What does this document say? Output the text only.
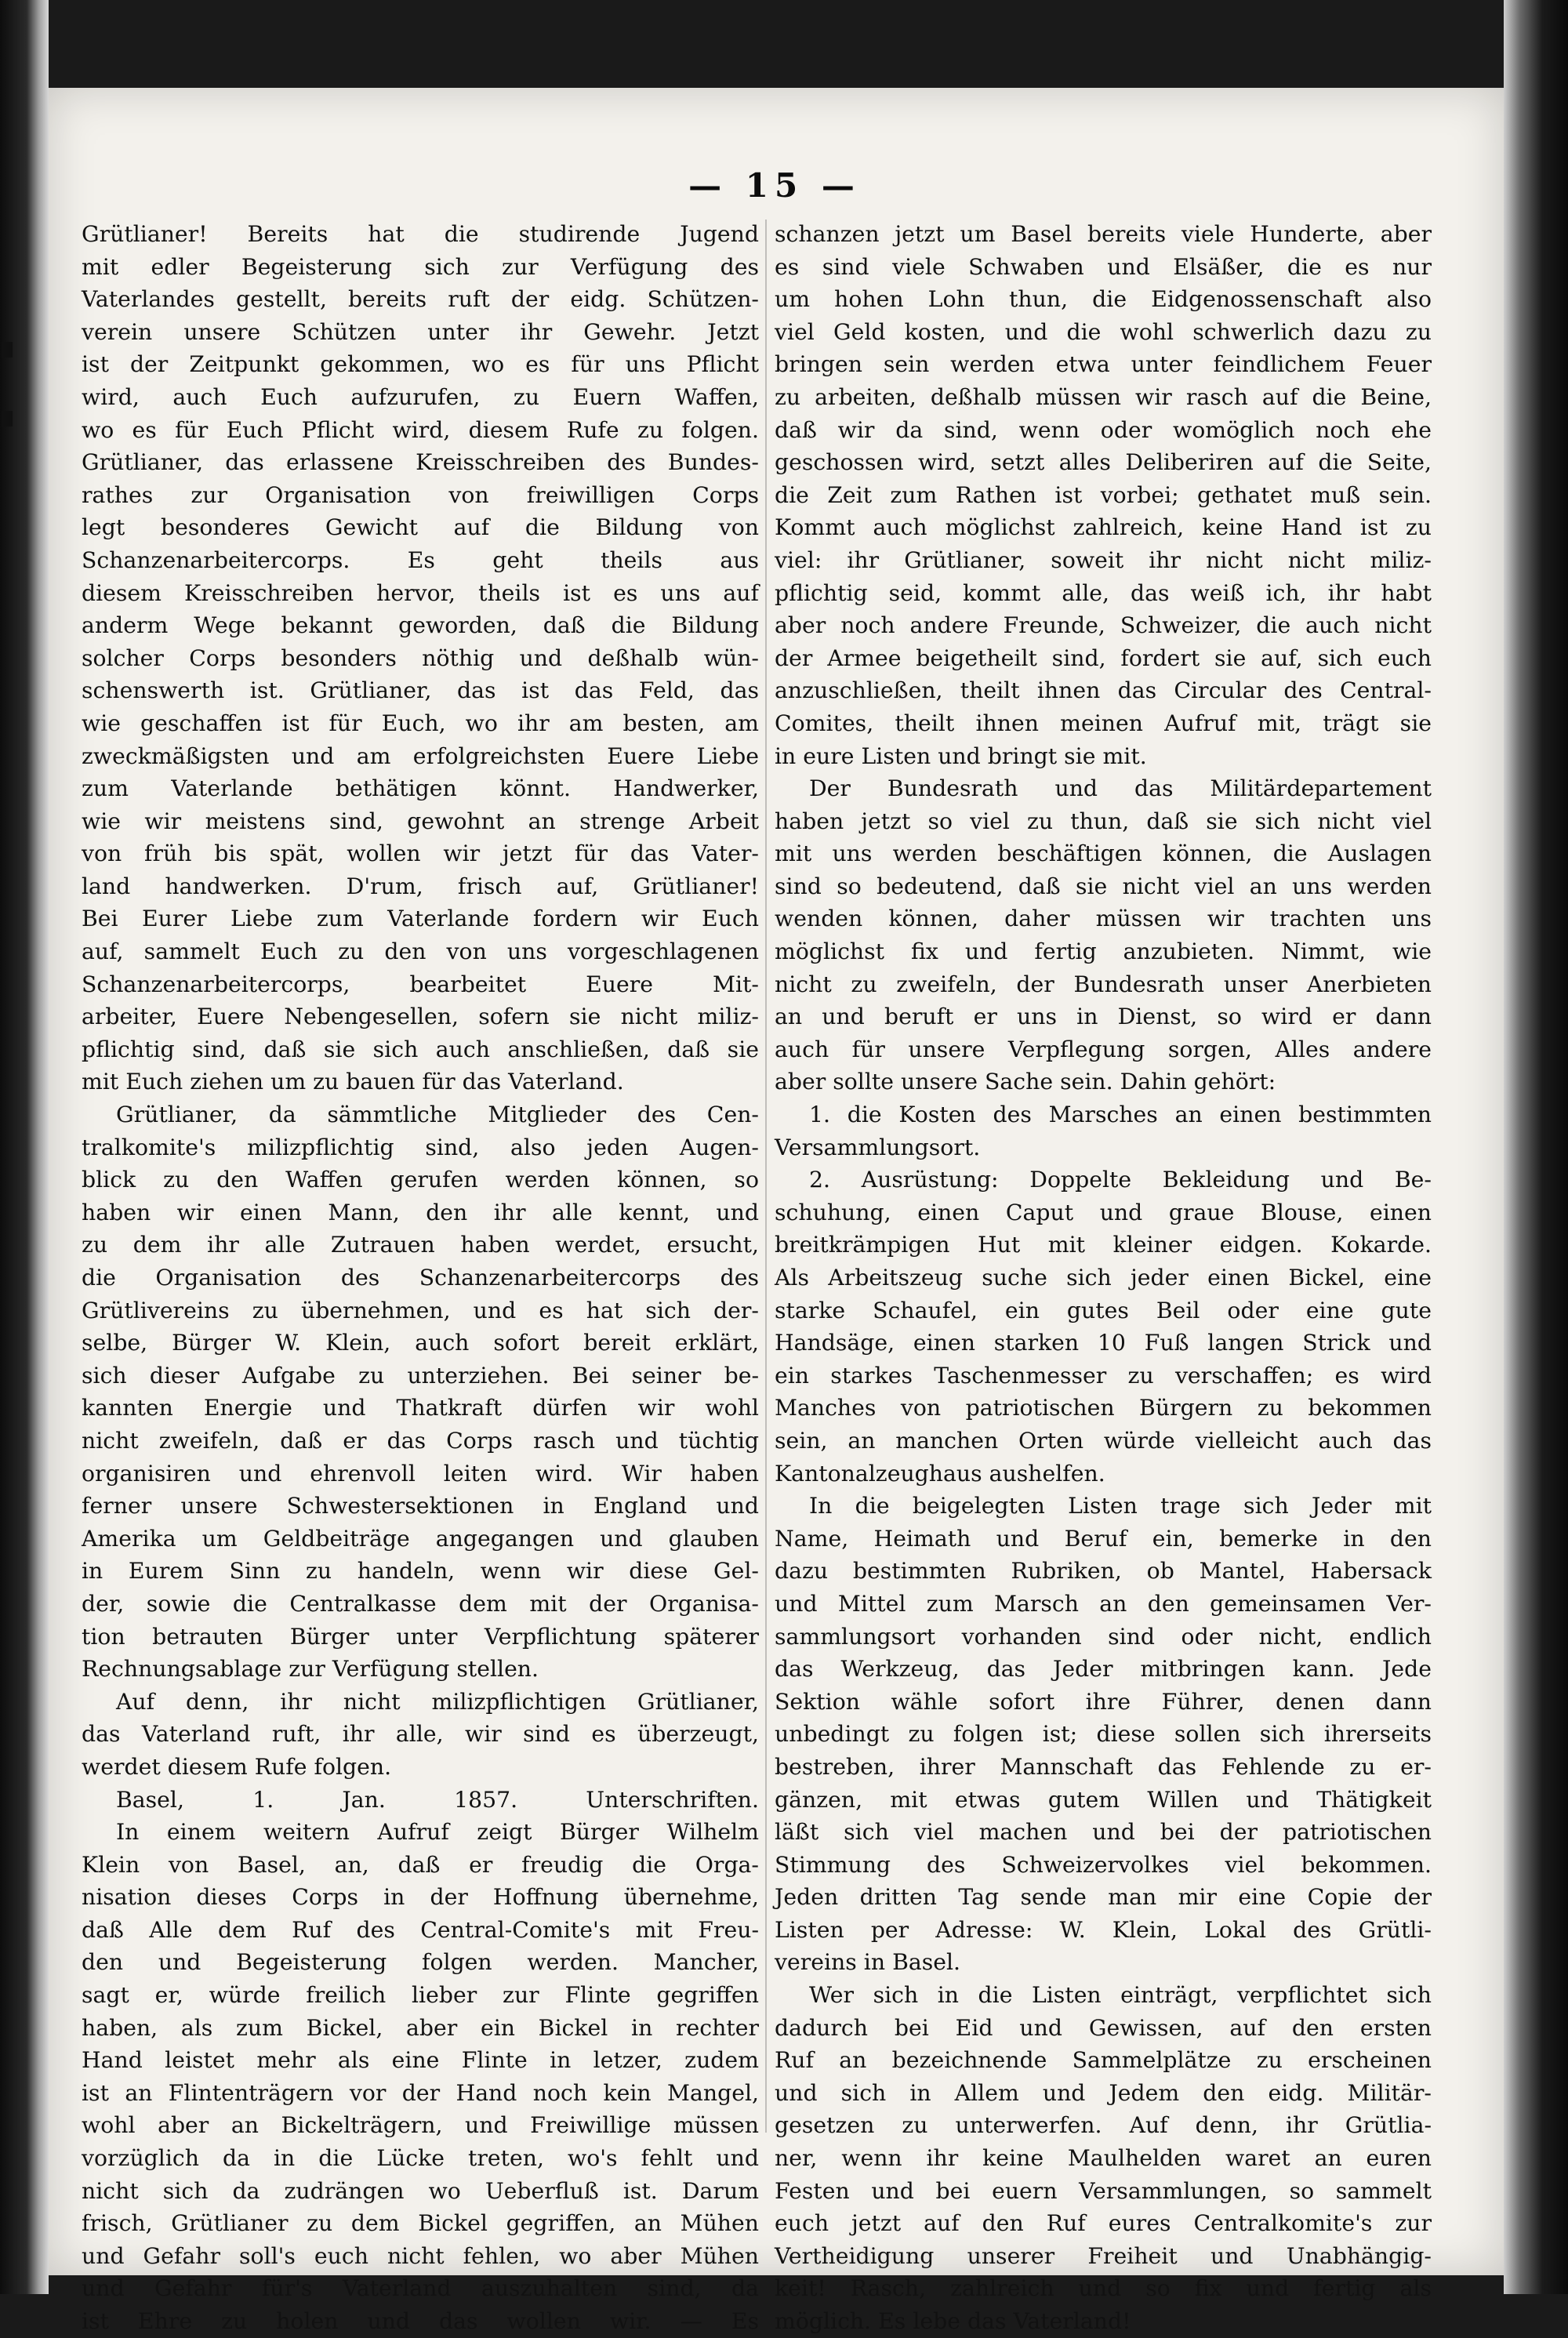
— 15 —
Grütlianer! Bereits hat die studirende Jugend
mit edler Begeisterung sich zur Verfügung des
Vaterlandes gestellt, bereits ruft der eidg. Schützen-
verein unsere Schützen unter ihr Gewehr. Jetzt
ist der Zeitpunkt gekommen, wo es für uns Pflicht
wird, auch Euch aufzurufen, zu Euern Waffen,
wo es für Euch Pflicht wird, diesem Rufe zu folgen.
Grütlianer, das erlassene Kreisschreiben des Bundes-
rathes zur Organisation von freiwilligen Corps
legt besonderes Gewicht auf die Bildung von
Schanzenarbeitercorps. Es geht theils aus
diesem Kreisschreiben hervor, theils ist es uns auf
anderm Wege bekannt geworden, daß die Bildung
solcher Corps besonders nöthig und deßhalb wün-
schenswerth ist. Grütlianer, das ist das Feld, das
wie geschaffen ist für Euch, wo ihr am besten, am
zweckmäßigsten und am erfolgreichsten Euere Liebe
zum Vaterlande bethätigen könnt. Handwerker,
wie wir meistens sind, gewohnt an strenge Arbeit
von früh bis spät, wollen wir jetzt für das Vater-
land handwerken. D'rum, frisch auf, Grütlianer!
Bei Eurer Liebe zum Vaterlande fordern wir Euch
auf, sammelt Euch zu den von uns vorgeschlagenen
Schanzenarbeitercorps, bearbeitet Euere Mit-
arbeiter, Euere Nebengesellen, sofern sie nicht miliz-
pflichtig sind, daß sie sich auch anschließen, daß sie
mit Euch ziehen um zu bauen für das Vaterland.
Grütlianer, da sämmtliche Mitglieder des Cen-
tralkomite's milizpflichtig sind, also jeden Augen-
blick zu den Waffen gerufen werden können, so
haben wir einen Mann, den ihr alle kennt, und
zu dem ihr alle Zutrauen haben werdet, ersucht,
die Organisation des Schanzenarbeitercorps des
Grütlivereins zu übernehmen, und es hat sich der-
selbe, Bürger W. Klein, auch sofort bereit erklärt,
sich dieser Aufgabe zu unterziehen. Bei seiner be-
kannten Energie und Thatkraft dürfen wir wohl
nicht zweifeln, daß er das Corps rasch und tüchtig
organisiren und ehrenvoll leiten wird. Wir haben
ferner unsere Schwestersektionen in England und
Amerika um Geldbeiträge angegangen und glauben
in Eurem Sinn zu handeln, wenn wir diese Gel-
der, sowie die Centralkasse dem mit der Organisa-
tion betrauten Bürger unter Verpflichtung späterer
Rechnungsablage zur Verfügung stellen.
Auf denn, ihr nicht milizpflichtigen Grütlianer,
das Vaterland ruft, ihr alle, wir sind es überzeugt,
werdet diesem Rufe folgen.
Basel, 1. Jan. 1857. Unterschriften.
In einem weitern Aufruf zeigt Bürger Wilhelm
Klein von Basel, an, daß er freudig die Orga-
nisation dieses Corps in der Hoffnung übernehme,
daß Alle dem Ruf des Central-Comite's mit Freu-
den und Begeisterung folgen werden. Mancher,
sagt er, würde freilich lieber zur Flinte gegriffen
haben, als zum Bickel, aber ein Bickel in rechter
Hand leistet mehr als eine Flinte in letzer, zudem
ist an Flintenträgern vor der Hand noch kein Mangel,
wohl aber an Bickelträgern, und Freiwillige müssen
vorzüglich da in die Lücke treten, wo's fehlt und
nicht sich da zudrängen wo Ueberfluß ist. Darum
frisch, Grütlianer zu dem Bickel gegriffen, an Mühen
und Gefahr soll's euch nicht fehlen, wo aber Mühen
und Gefahr für's Vaterland auszuhalten sind, da
ist Ehre zu holen und das wollen wir. — Es
schanzen jetzt um Basel bereits viele Hunderte, aber
es sind viele Schwaben und Elsäßer, die es nur
um hohen Lohn thun, die Eidgenossenschaft also
viel Geld kosten, und die wohl schwerlich dazu zu
bringen sein werden etwa unter feindlichem Feuer
zu arbeiten, deßhalb müssen wir rasch auf die Beine,
daß wir da sind, wenn oder womöglich noch ehe
geschossen wird, setzt alles Deliberiren auf die Seite,
die Zeit zum Rathen ist vorbei; gethatet muß sein.
Kommt auch möglichst zahlreich, keine Hand ist zu
viel: ihr Grütlianer, soweit ihr nicht nicht miliz-
pflichtig seid, kommt alle, das weiß ich, ihr habt
aber noch andere Freunde, Schweizer, die auch nicht
der Armee beigetheilt sind, fordert sie auf, sich euch
anzuschließen, theilt ihnen das Circular des Central-
Comites, theilt ihnen meinen Aufruf mit, trägt sie
in eure Listen und bringt sie mit.
Der Bundesrath und das Militärdepartement
haben jetzt so viel zu thun, daß sie sich nicht viel
mit uns werden beschäftigen können, die Auslagen
sind so bedeutend, daß sie nicht viel an uns werden
wenden können, daher müssen wir trachten uns
möglichst fix und fertig anzubieten. Nimmt, wie
nicht zu zweifeln, der Bundesrath unser Anerbieten
an und beruft er uns in Dienst, so wird er dann
auch für unsere Verpflegung sorgen, Alles andere
aber sollte unsere Sache sein. Dahin gehört:
1. die Kosten des Marsches an einen bestimmten
Versammlungsort.
2. Ausrüstung: Doppelte Bekleidung und Be-
schuhung, einen Caput und graue Blouse, einen
breitkrämpigen Hut mit kleiner eidgen. Kokarde.
Als Arbeitszeug suche sich jeder einen Bickel, eine
starke Schaufel, ein gutes Beil oder eine gute
Handsäge, einen starken 10 Fuß langen Strick und
ein starkes Taschenmesser zu verschaffen; es wird
Manches von patriotischen Bürgern zu bekommen
sein, an manchen Orten würde vielleicht auch das
Kantonalzeughaus aushelfen.
In die beigelegten Listen trage sich Jeder mit
Name, Heimath und Beruf ein, bemerke in den
dazu bestimmten Rubriken, ob Mantel, Habersack
und Mittel zum Marsch an den gemeinsamen Ver-
sammlungsort vorhanden sind oder nicht, endlich
das Werkzeug, das Jeder mitbringen kann. Jede
Sektion wähle sofort ihre Führer, denen dann
unbedingt zu folgen ist; diese sollen sich ihrerseits
bestreben, ihrer Mannschaft das Fehlende zu er-
gänzen, mit etwas gutem Willen und Thätigkeit
läßt sich viel machen und bei der patriotischen
Stimmung des Schweizervolkes viel bekommen.
Jeden dritten Tag sende man mir eine Copie der
Listen per Adresse: W. Klein, Lokal des Grütli-
vereins in Basel.
Wer sich in die Listen einträgt, verpflichtet sich
dadurch bei Eid und Gewissen, auf den ersten
Ruf an bezeichnende Sammelplätze zu erscheinen
und sich in Allem und Jedem den eidg. Militär-
gesetzen zu unterwerfen. Auf denn, ihr Grütlia-
ner, wenn ihr keine Maulhelden waret an euren
Festen und bei euern Versammlungen, so sammelt
euch jetzt auf den Ruf eures Centralkomite's zur
Vertheidigung unserer Freiheit und Unabhängig-
keit! Rasch, zahlreich und so fix und fertig als
möglich. Es lebe das Vaterland!
